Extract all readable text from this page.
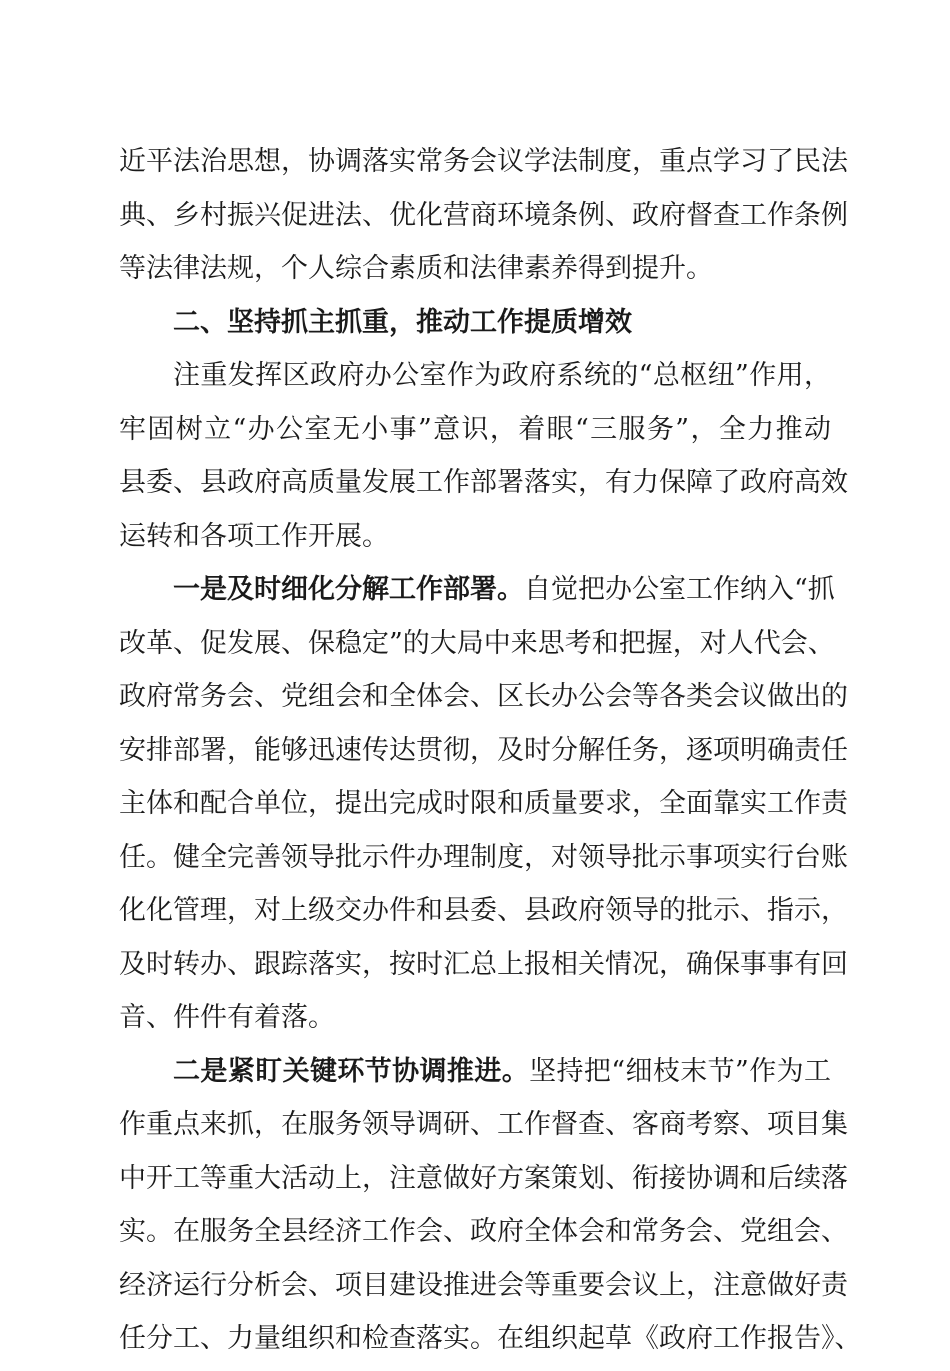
近平法治思想，协调落实常务会议学法制度，重点学习了民法
典、乡村振兴促进法、优化营商环境条例、政府督查工作条例
等法律法规，个人综合素质和法律素养得到提升。
二、坚持抓主抓重，推动工作提质增效
注重发挥区政府办公室作为政府系统的“总枢纽”作用，
牢固树立“办公室无小事”意识，着眼“三服务”，全力推动
县委、县政府高质量发展工作部署落实，有力保障了政府高效
运转和各项工作开展。
一是及时细化分解工作部署。自觉把办公室工作纳入“抓
改革、促发展、保稳定”的大局中来思考和把握，对人代会、
政府常务会、党组会和全体会、区长办公会等各类会议做出的
安排部署，能够迅速传达贯彻，及时分解任务，逐项明确责任
主体和配合单位，提出完成时限和质量要求，全面靠实工作责
任。健全完善领导批示件办理制度，对领导批示事项实行台账
化化管理，对上级交办件和县委、县政府领导的批示、指示，
及时转办、跟踪落实，按时汇总上报相关情况，确保事事有回
音、件件有着落。
二是紧盯关键环节协调推进。坚持把“细枝末节”作为工
作重点来抓，在服务领导调研、工作督查、客商考察、项目集
中开工等重大活动上，注意做好方案策划、衔接协调和后续落
实。在服务全县经济工作会、政府全体会和常务会、党组会、
经济运行分析会、项目建设推进会等重要会议上，注意做好责
任分工、力量组织和检查落实。在组织起草《政府工作报告》、
